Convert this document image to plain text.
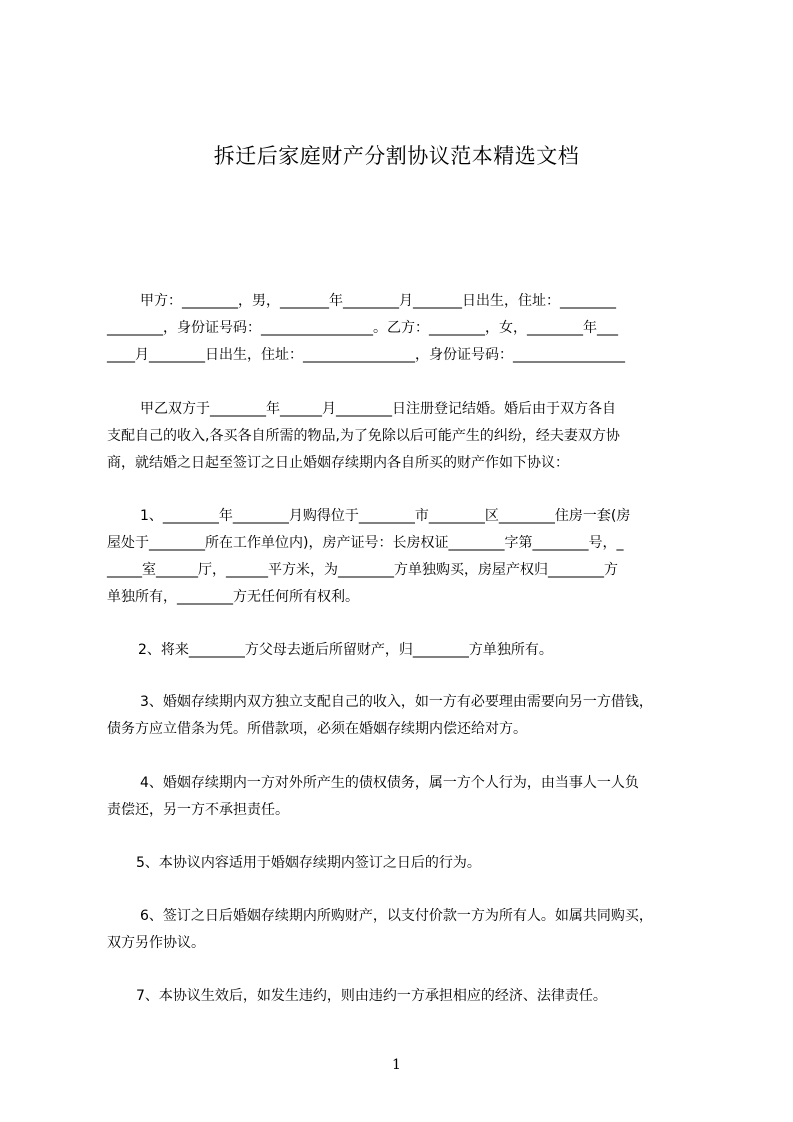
拆迁后家庭财产分割协议范本精选文档
甲方：________，男，_______年________月_______日出生，住址：________
________，身份证号码：________________。乙方：________，女，________年___
____月________日出生，住址：________________，身份证号码：________________
甲乙双方于________年______月________日注册登记结婚。婚后由于双方各自
支配自己的收入,各买各自所需的物品,为了免除以后可能产生的纠纷，经夫妻双方协
商，就结婚之日起至签订之日止婚姻存续期内各自所买的财产作如下协议：
1、________年________月购得位于________市________区________住房一套(房
屋处于________所在工作单位内)，房产证号：长房权证________字第________号，_
_____室______厅，______平方米，为________方单独购买，房屋产权归________方
单独所有，________方无任何所有权利。
2、将来________方父母去逝后所留财产，归________方单独所有。
3、婚姻存续期内双方独立支配自己的收入，如一方有必要理由需要向另一方借钱，
债务方应立借条为凭。所借款项，必须在婚姻存续期内偿还给对方。
4、婚姻存续期内一方对外所产生的债权债务，属一方个人行为，由当事人一人负
责偿还，另一方不承担责任。
5、本协议内容适用于婚姻存续期内签订之日后的行为。
6、签订之日后婚姻存续期内所购财产，以支付价款一方为所有人。如属共同购买，
双方另作协议。
7、本协议生效后，如发生违约，则由违约一方承担相应的经济、法律责任。
1
